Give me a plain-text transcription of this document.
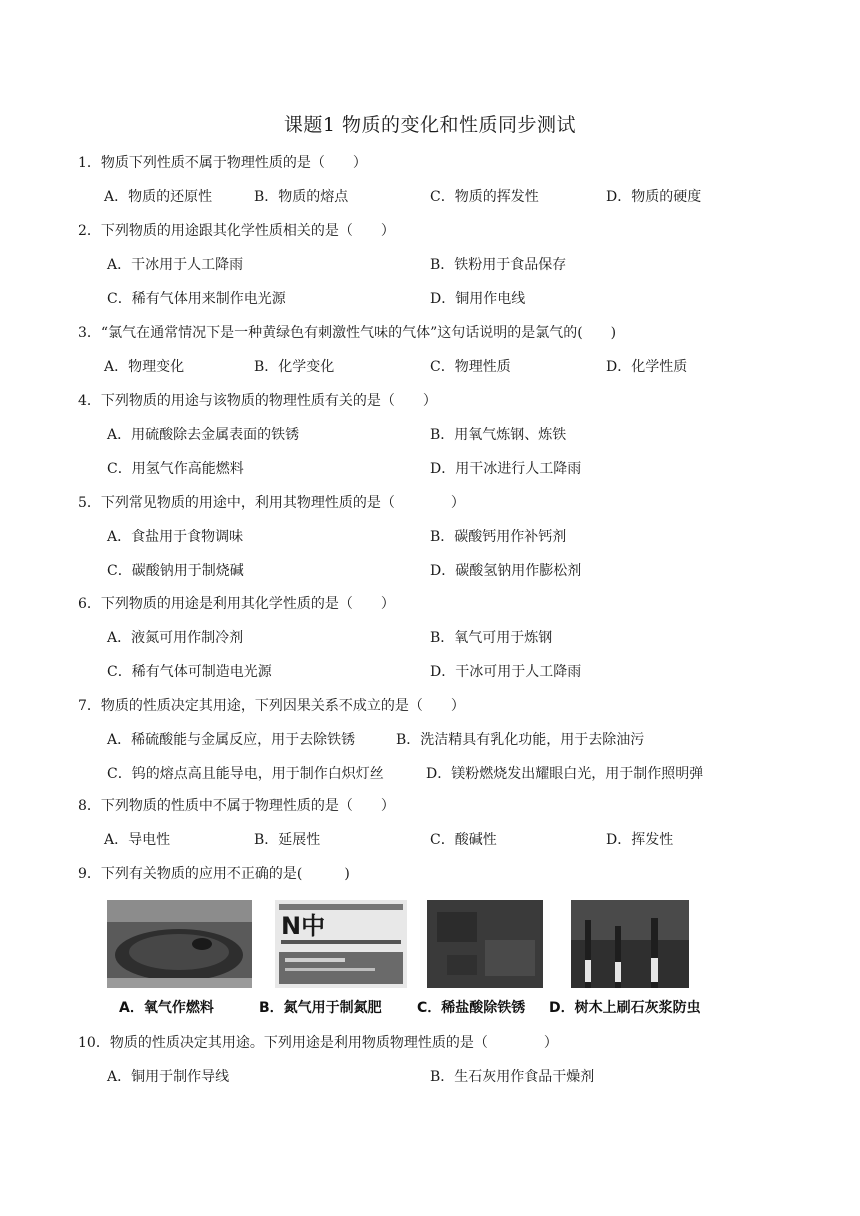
课题1 物质的变化和性质同步测试
1．物质下列性质不属于物理性质的是（　　）
A．物质的还原性	B．物质的熔点	C．物质的挥发性	D．物质的硬度
2．下列物质的用途跟其化学性质相关的是（　　）
A．干冰用于人工降雨	B．铁粉用于食品保存
C．稀有气体用来制作电光源	D．铜用作电线
3．“氯气在通常情况下是一种黄绿色有刺激性气味的气体”这句话说明的是氯气的(　　)
A．物理变化	B．化学变化	C．物理性质	D．化学性质
4．下列物质的用途与该物质的物理性质有关的是（　　）
A．用硫酸除去金属表面的铁锈	B．用氧气炼钢、炼铁
C．用氢气作高能燃料	D．用干冰进行人工降雨
5．下列常见物质的用途中，利用其物理性质的是（　　　　）
A．食盐用于食物调味	B．碳酸钙用作补钙剂
C．碳酸钠用于制烧碱	D．碳酸氢钠用作膨松剂
6．下列物质的用途是利用其化学性质的是（　　）
A．液氮可用作制冷剂	B．氧气可用于炼钢
C．稀有气体可制造电光源	D．干冰可用于人工降雨
7．物质的性质决定其用途，下列因果关系不成立的是（　　）
A．稀硫酸能与金属反应，用于去除铁锈	B．洗洁精具有乳化功能，用于去除油污
C．钨的熔点高且能导电，用于制作白炽灯丝	D．镁粉燃烧发出耀眼白光，用于制作照明弹
8．下列物质的性质中不属于物理性质的是（　　）
A．导电性	B．延展性	C．酸碱性	D．挥发性
9．下列有关物质的应用不正确的是(　　　)
N中
A．氧气作燃料	B．氮气用于制氮肥	C．稀盐酸除铁锈 D．树木上刷石灰浆防虫
10．物质的性质决定其用途。下列用途是利用物质物理性质的是（　　　　）
A．铜用于制作导线	B．生石灰用作食品干燥剂
